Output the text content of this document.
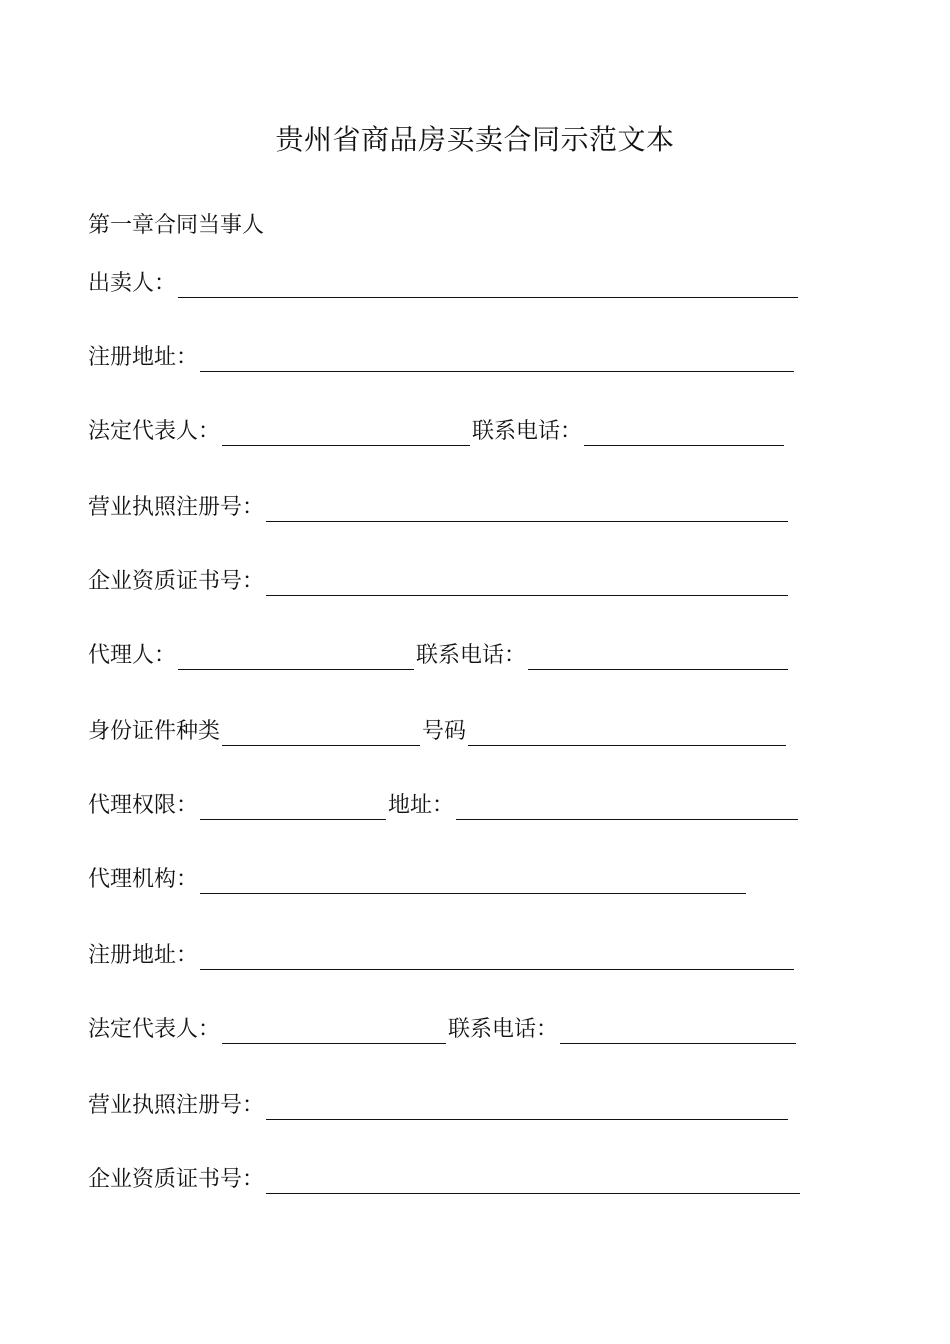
贵州省商品房买卖合同示范文本
第一章合同当事人
出卖人：
注册地址：
法定代表人：	联系电话：
营业执照注册号：
企业资质证书号：
代理人：	联系电话：
身份证件种类	号码
代理权限：	地址：
代理机构：
注册地址：
法定代表人：	联系电话：
营业执照注册号：
企业资质证书号：
